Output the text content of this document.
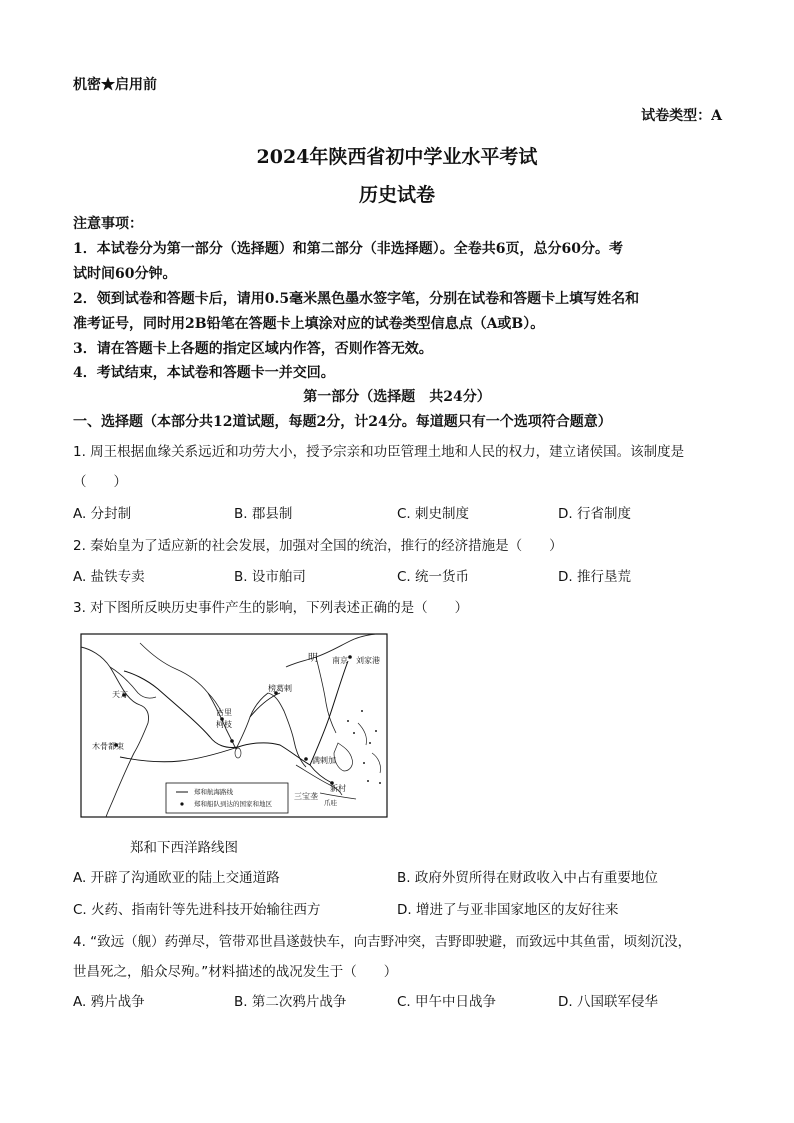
机密★启用前
试卷类型：A
2024年陕西省初中学业水平考试
历史试卷
注意事项：
1．本试卷分为第一部分（选择题）和第二部分（非选择题）。全卷共6页，总分60分。考
试时间60分钟。
2．领到试卷和答题卡后，请用0.5毫米黑色墨水签字笔，分别在试卷和答题卡上填写姓名和
准考证号，同时用2B铅笔在答题卡上填涂对应的试卷类型信息点（A或B）。
3．请在答题卡上各题的指定区域内作答，否则作答无效。
4．考试结束，本试卷和答题卡一并交回。
第一部分（选择题　共24分）
一、选择题（本部分共12道试题，每题2分，计24分。每道题只有一个选项符合题意）
1. 周王根据血缘关系远近和功劳大小，授予宗亲和功臣管理土地和人民的权力，建立诸侯国。该制度是
（　　）
A. 分封制	B. 郡县制	C. 刺史制度	D. 行省制度
2. 秦始皇为了适应新的社会发展，加强对全国的统治，推行的经济措施是（　　）
A. 盐铁专卖	B. 设市舶司	C. 统一货币	D. 推行垦荒
3. 对下图所反映历史事件产生的影响，下列表述正确的是（　　）
明 南京 刘家港
天方
榜葛剌
古里
柯枝
木骨都束
满剌加
三宝垄
新村
爪哇
郑和航海路线
郑和船队到达的国家和地区
郑和下西洋路线图
A. 开辟了沟通欧亚的陆上交通道路	B. 政府外贸所得在财政收入中占有重要地位
C. 火药、指南针等先进科技开始输往西方	D. 增进了与亚非国家地区的友好往来
4. “致远（舰）药弹尽，管带邓世昌遂鼓快车，向吉野冲突，吉野即驶避，而致远中其鱼雷，顷刻沉没，
世昌死之，船众尽殉。”材料描述的战况发生于（　　）
A. 鸦片战争	B. 第二次鸦片战争	C. 甲午中日战争	D. 八国联军侵华
